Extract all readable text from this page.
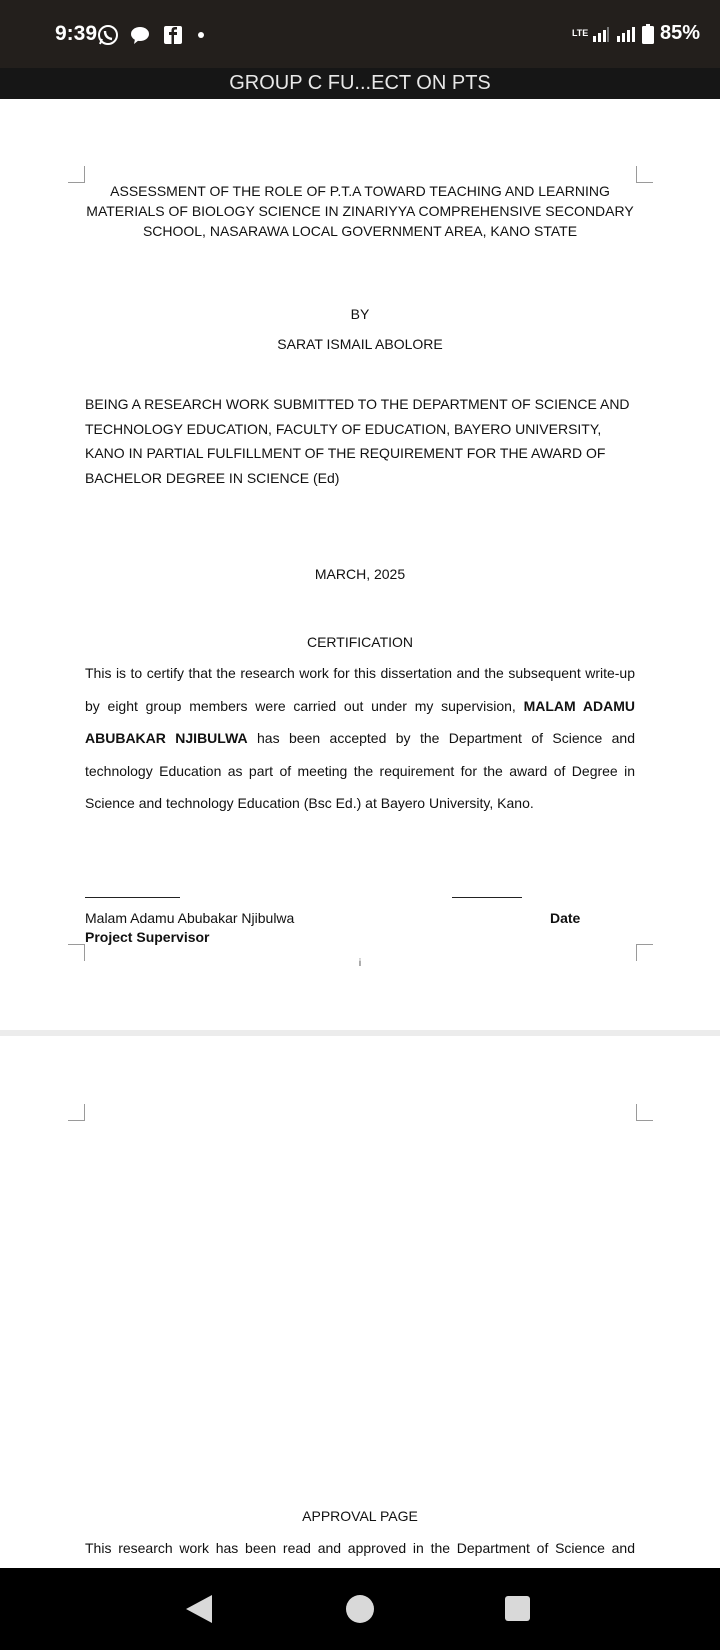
9:39	LTE	85%
GROUP C FU...ECT ON PTS
ASSESSMENT OF THE ROLE OF P.T.A TOWARD TEACHING AND LEARNING MATERIALS OF BIOLOGY SCIENCE IN ZINARIYYA COMPREHENSIVE SECONDARY SCHOOL, NASARAWA LOCAL GOVERNMENT AREA, KANO STATE
BY
SARAT ISMAIL ABOLORE
BEING A RESEARCH WORK SUBMITTED TO THE DEPARTMENT OF SCIENCE AND TECHNOLOGY EDUCATION, FACULTY OF EDUCATION, BAYERO UNIVERSITY, KANO IN PARTIAL FULFILLMENT OF THE REQUIREMENT FOR THE AWARD OF BACHELOR DEGREE IN SCIENCE (Ed)
MARCH, 2025
CERTIFICATION
This is to certify that the research work for this dissertation and the subsequent write-up by eight group members were carried out under my supervision, MALAM ADAMU ABUBAKAR NJIBULWA has been accepted by the Department of Science and technology Education as part of meeting the requirement for the award of Degree in Science and technology Education (Bsc Ed.) at Bayero University, Kano.
Malam Adamu Abubakar Njibulwa
Project Supervisor
Date
i
APPROVAL PAGE
This research work has been read and approved in the Department of Science and
